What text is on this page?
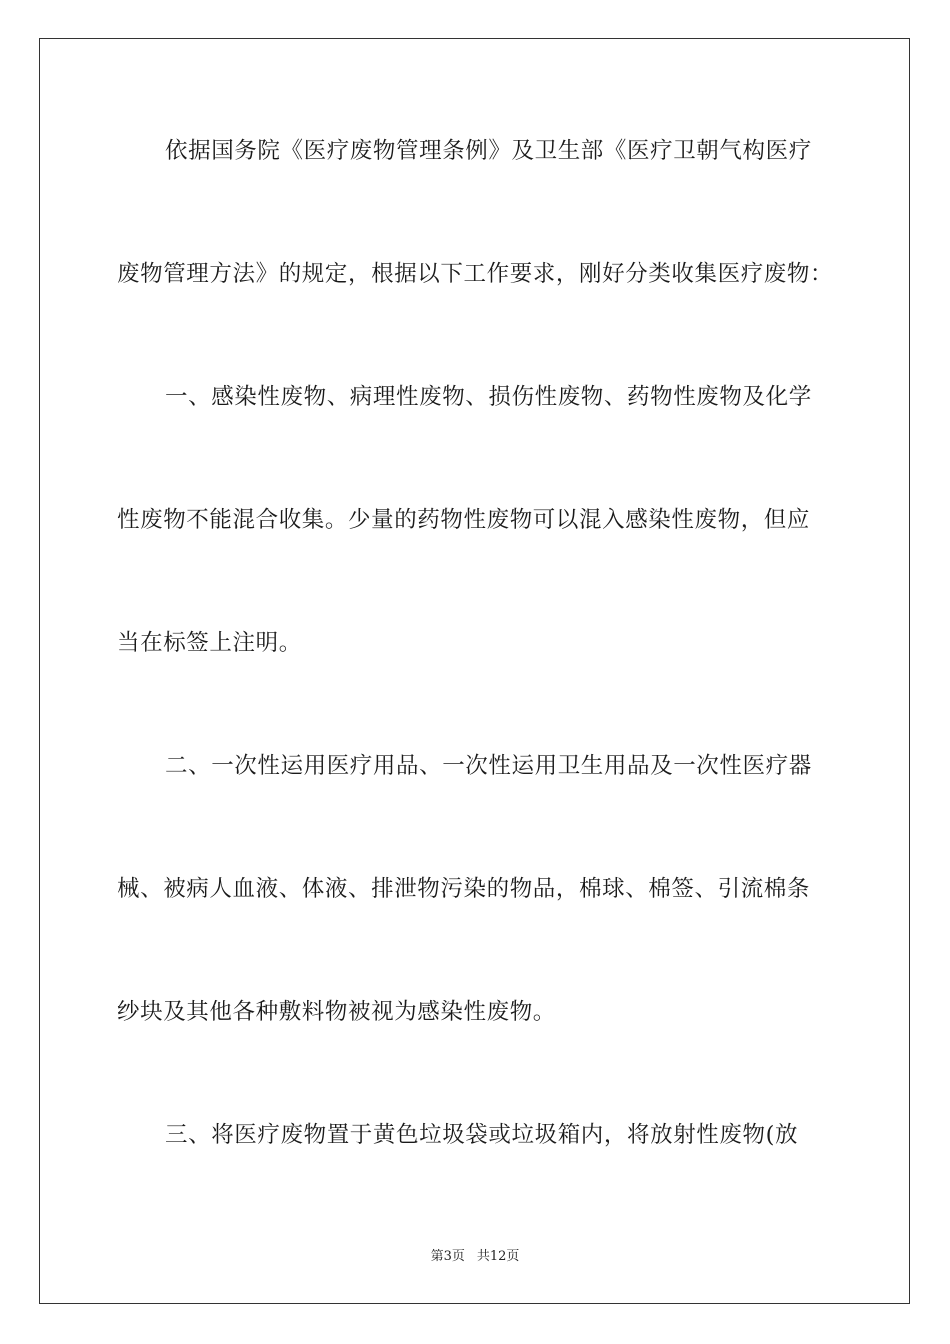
依据国务院《医疗废物管理条例》及卫生部《医疗卫朝气构医疗
废物管理方法》的规定，根据以下工作要求，刚好分类收集医疗废物：
一、感染性废物、病理性废物、损伤性废物、药物性废物及化学
性废物不能混合收集。少量的药物性废物可以混入感染性废物，但应
当在标签上注明。
二、一次性运用医疗用品、一次性运用卫生用品及一次性医疗器
械、被病人血液、体液、排泄物污染的物品，棉球、棉签、引流棉条
纱块及其他各种敷料物被视为感染性废物。
三、将医疗废物置于黄色垃圾袋或垃圾箱内，将放射性废物(放
第3页 共12页
